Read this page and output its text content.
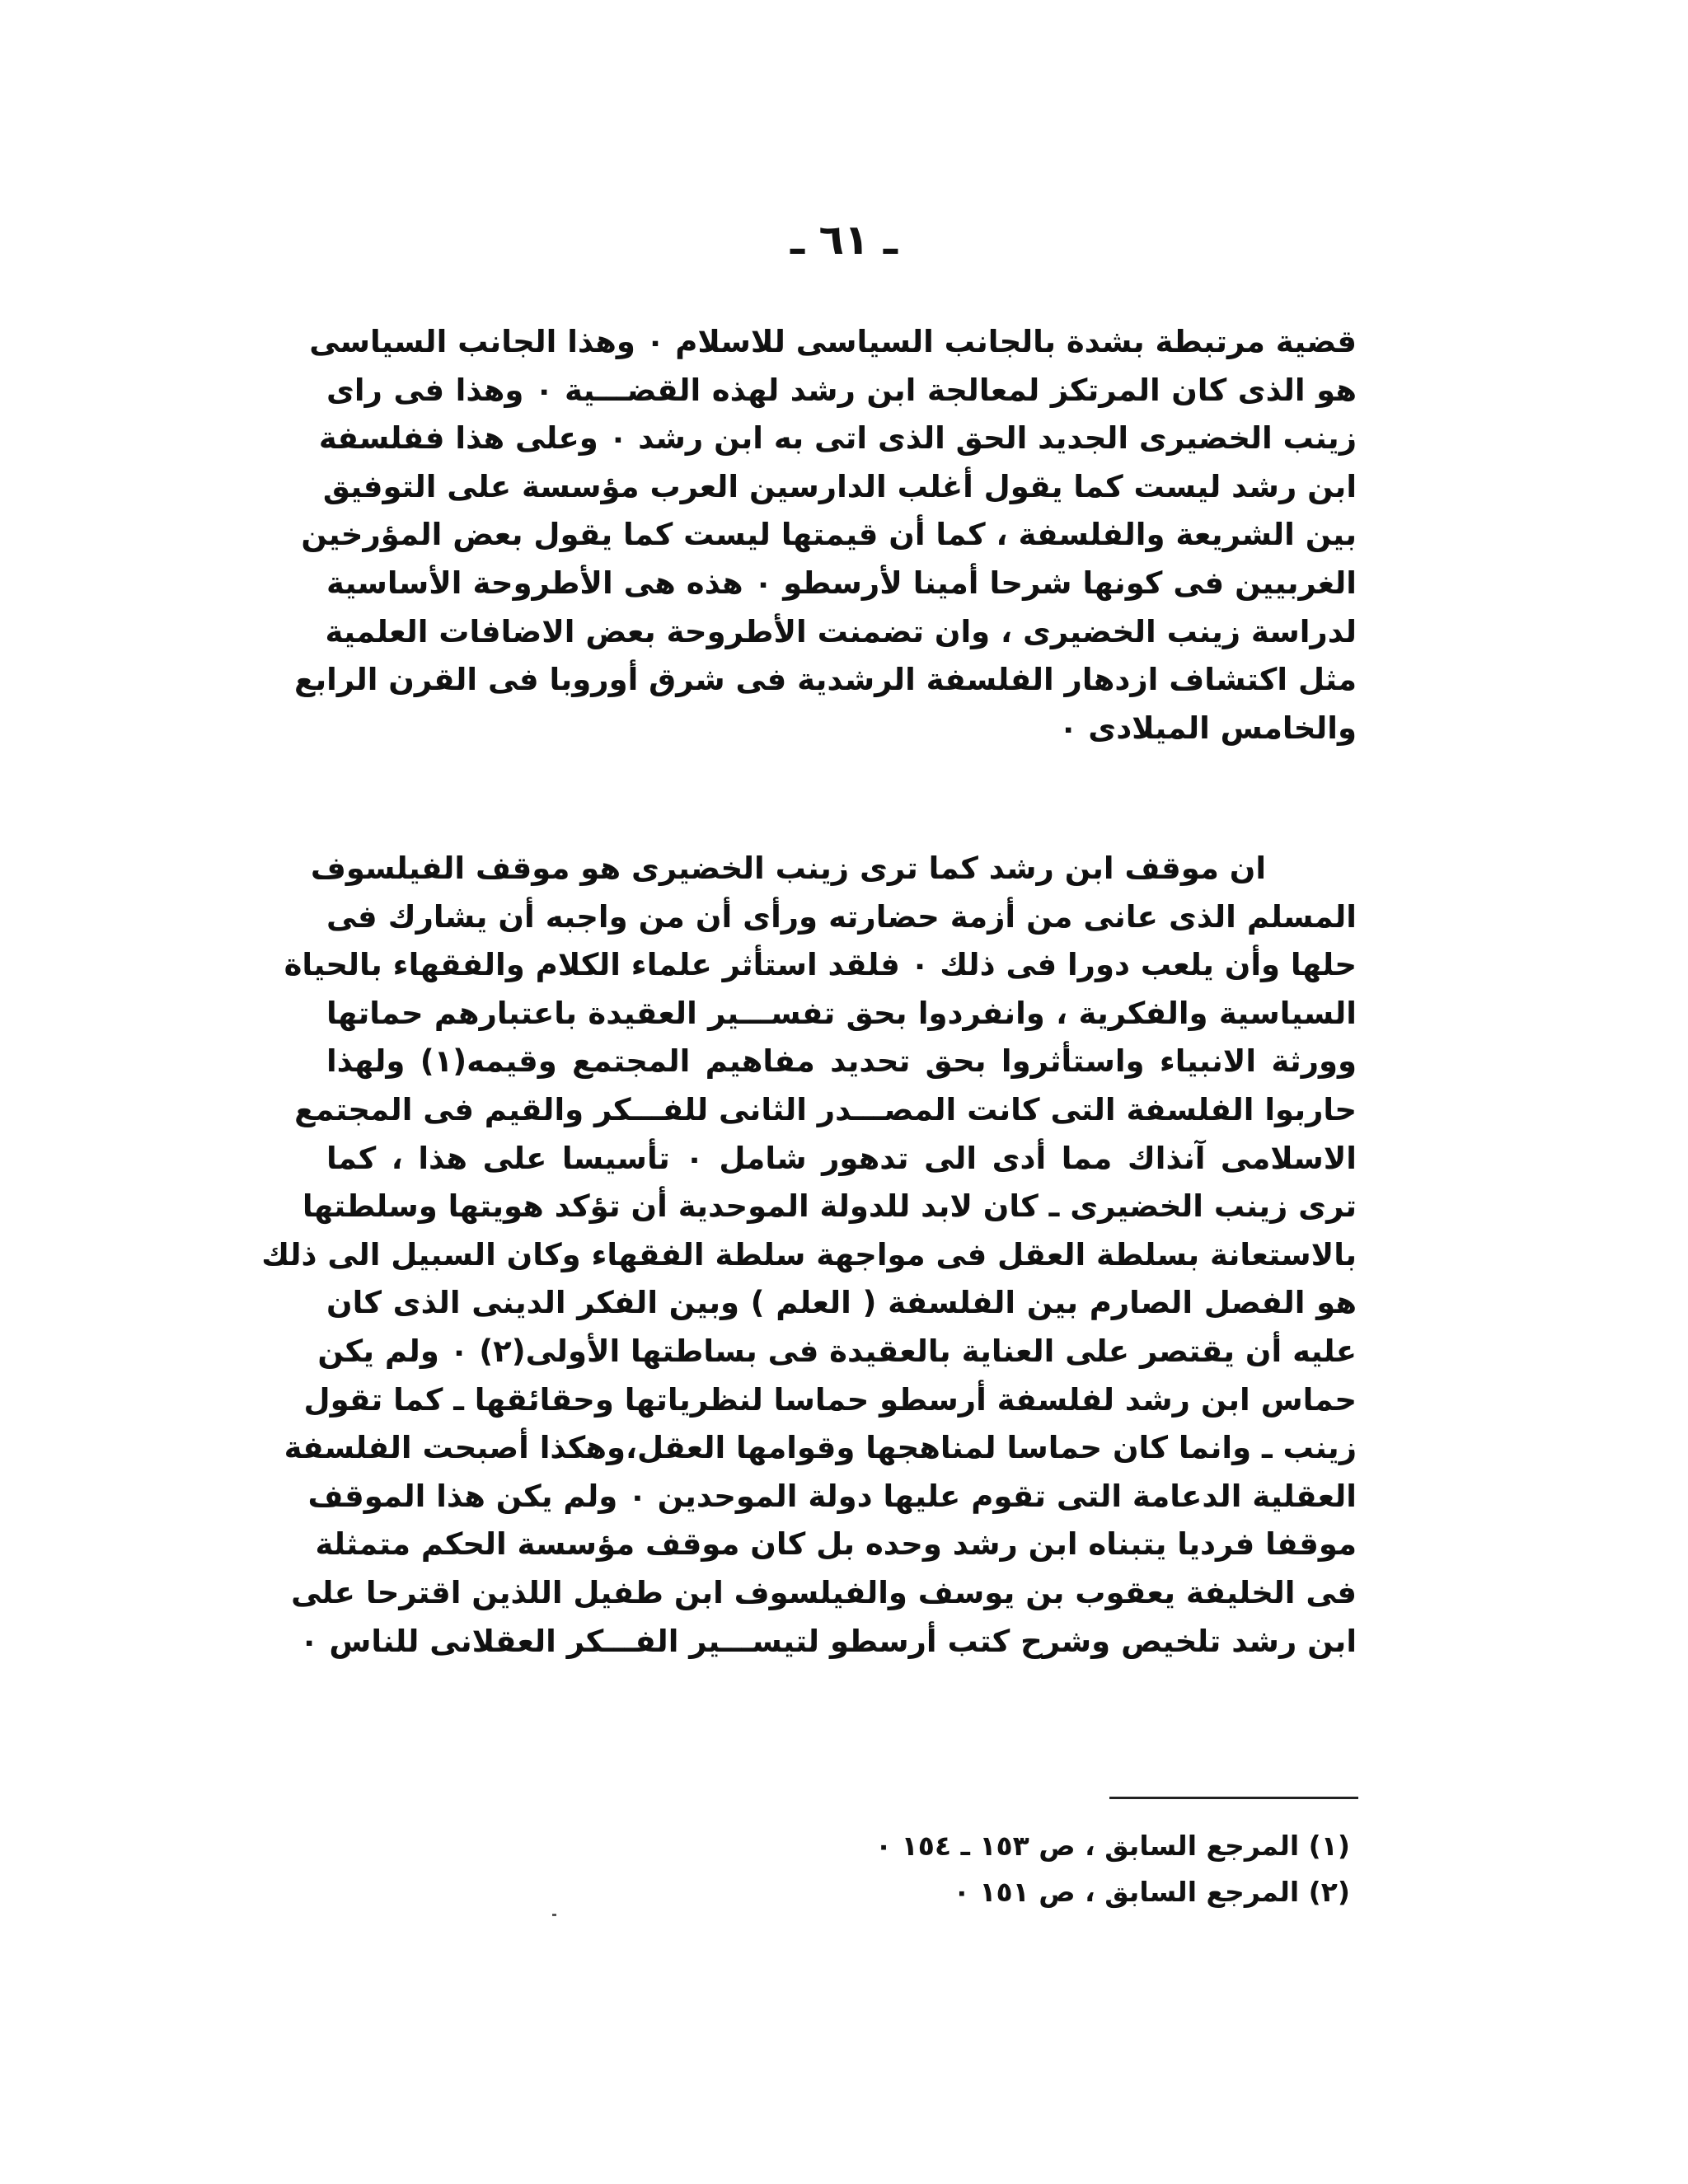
ـ ٦١ ـ
قضية مرتبطة بشدة بالجانب السياسى للاسلام ٠ وهذا الجانب السياسى
هو الذى كان المرتكز لمعالجة ابن رشد لهذه القضـــية ٠ وهذا فى راى
زينب الخضيرى الجديد الحق الذى اتى به ابن رشد ٠ وعلى هذا ففلسفة
ابن رشد ليست كما يقول أغلب الدارسين العرب مؤسسة على التوفيق
بين الشريعة والفلسفة ، كما أن قيمتها ليست كما يقول بعض المؤرخين
الغربيين فى كونها شرحا أمينا لأرسطو ٠ هذه هى الأطروحة الأساسية
لدراسة زينب الخضيرى ، وان تضمنت الأطروحة بعض الاضافات العلمية
مثل اكتشاف ازدهار الفلسفة الرشدية فى شرق أوروبا فى القرن الرابع
والخامس الميلادى ٠
ان موقف ابن رشد كما ترى زينب الخضيرى هو موقف الفيلسوف
المسلم الذى عانى من أزمة حضارته ورأى أن من واجبه أن يشارك فى
حلها وأن يلعب دورا فى ذلك ٠ فلقد استأثر علماء الكلام والفقهاء بالحياة
السياسية والفكرية ، وانفردوا بحق تفســـير العقيدة باعتبارهم حماتها
وورثة الانبياء واستأثروا بحق تحديد مفاهيم المجتمع وقيمه(١) ولهذا
حاربوا الفلسفة التى كانت المصـــدر الثانى للفـــكر والقيم فى المجتمع
الاسلامى آنذاك مما أدى الى تدهور شامل ٠ تأسيسا على هذا ، كما
ترى زينب الخضيرى ـ كان لابد للدولة الموحدية أن تؤكد هويتها وسلطتها
بالاستعانة بسلطة العقل فى مواجهة سلطة الفقهاء وكان السبيل الى ذلك
هو الفصل الصارم بين الفلسفة ( العلم ) وبين الفكر الدينى الذى كان
عليه أن يقتصر على العناية بالعقيدة فى بساطتها الأولى(٢) ٠ ولم يكن
حماس ابن رشد لفلسفة أرسطو حماسا لنظرياتها وحقائقها ـ كما تقول
زينب ـ وانما كان حماسا لمناهجها وقوامها العقل،وهكذا أصبحت الفلسفة
العقلية الدعامة التى تقوم عليها دولة الموحدين ٠ ولم يكن هذا الموقف
موقفا فرديا يتبناه ابن رشد وحده بل كان موقف مؤسسة الحكم متمثلة
فى الخليفة يعقوب بن يوسف والفيلسوف ابن طفيل اللذين اقترحا على
ابن رشد تلخيص وشرح كتب أرسطو لتيســـير الفـــكر العقلانى للناس ٠
(١) المرجع السابق ، ص ١٥٣ ـ ١٥٤ ٠
(٢) المرجع السابق ، ص ١٥١ ٠
